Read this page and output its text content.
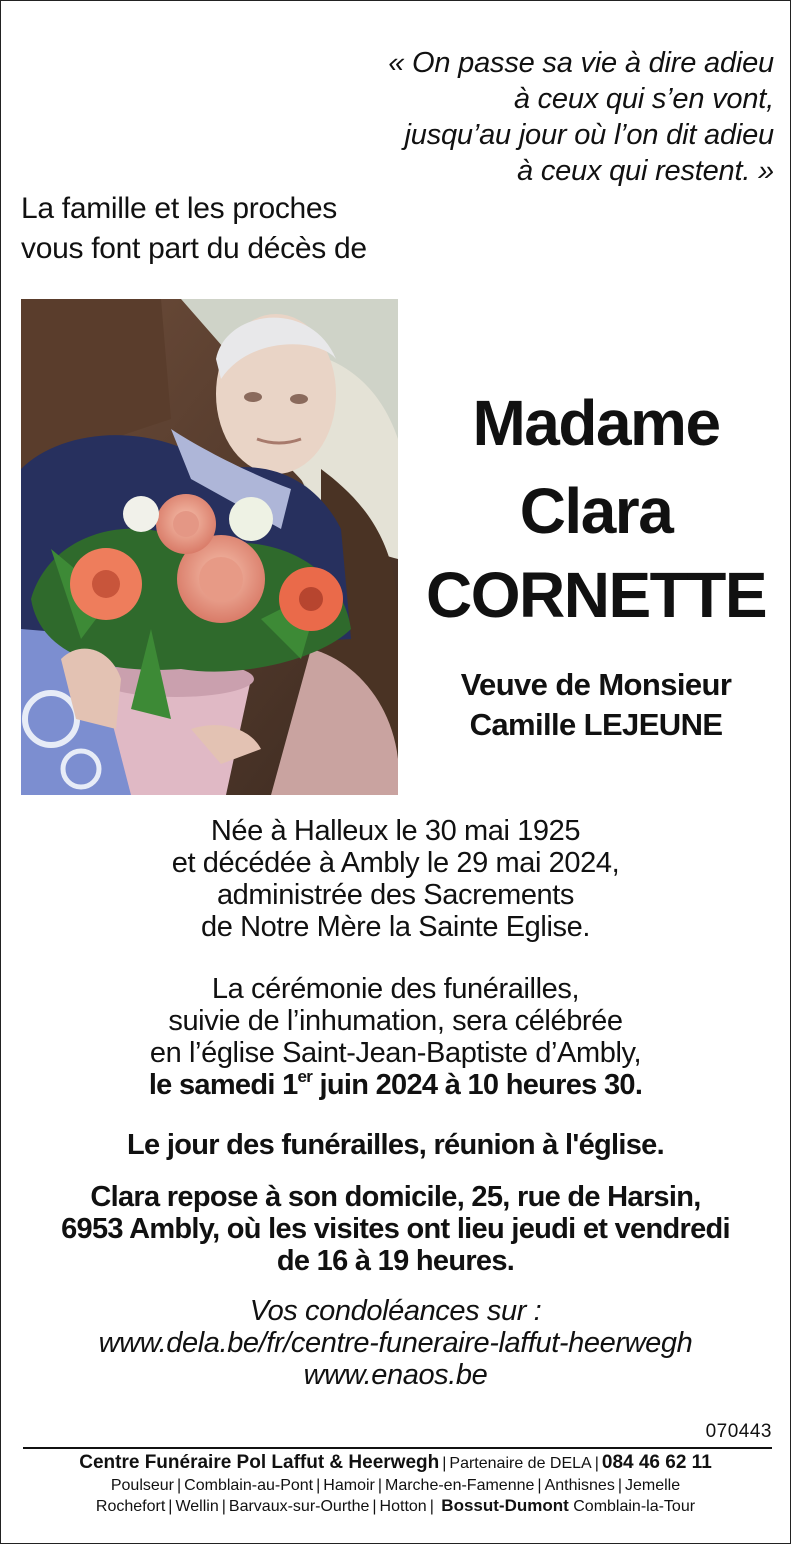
« On passe sa vie à dire adieu
à ceux qui s’en vont,
jusqu’au jour où l’on dit adieu
à ceux qui restent. »
La famille et les proches
vous font part du décès de
Madame
Clara
CORNETTE
Veuve de Monsieur
Camille LEJEUNE
Née à Halleux le 30 mai 1925
et décédée à Ambly le 29 mai 2024,
administrée des Sacrements
de Notre Mère la Sainte Eglise.
La cérémonie des funérailles,
suivie de l’inhumation, sera célébrée
en l’église Saint-Jean-Baptiste d’Ambly,
le samedi 1er juin 2024 à 10 heures 30.
Le jour des funérailles, réunion à l'église.
Clara repose à son domicile, 25, rue de Harsin,
6953 Ambly, où les visites ont lieu jeudi et vendredi
de 16 à 19 heures.
Vos condoléances sur :
www.dela.be/fr/centre-funeraire-laffut-heerwegh
www.enaos.be
070443
Centre Funéraire Pol Laffut & Heerwegh | Partenaire de DELA | 084 46 62 11
Poulseur | Comblain-au-Pont | Hamoir | Marche-en-Famenne | Anthisnes | Jemelle
Rochefort | Wellin | Barvaux-sur-Ourthe | Hotton | Bossut-Dumont Comblain-la-Tour
